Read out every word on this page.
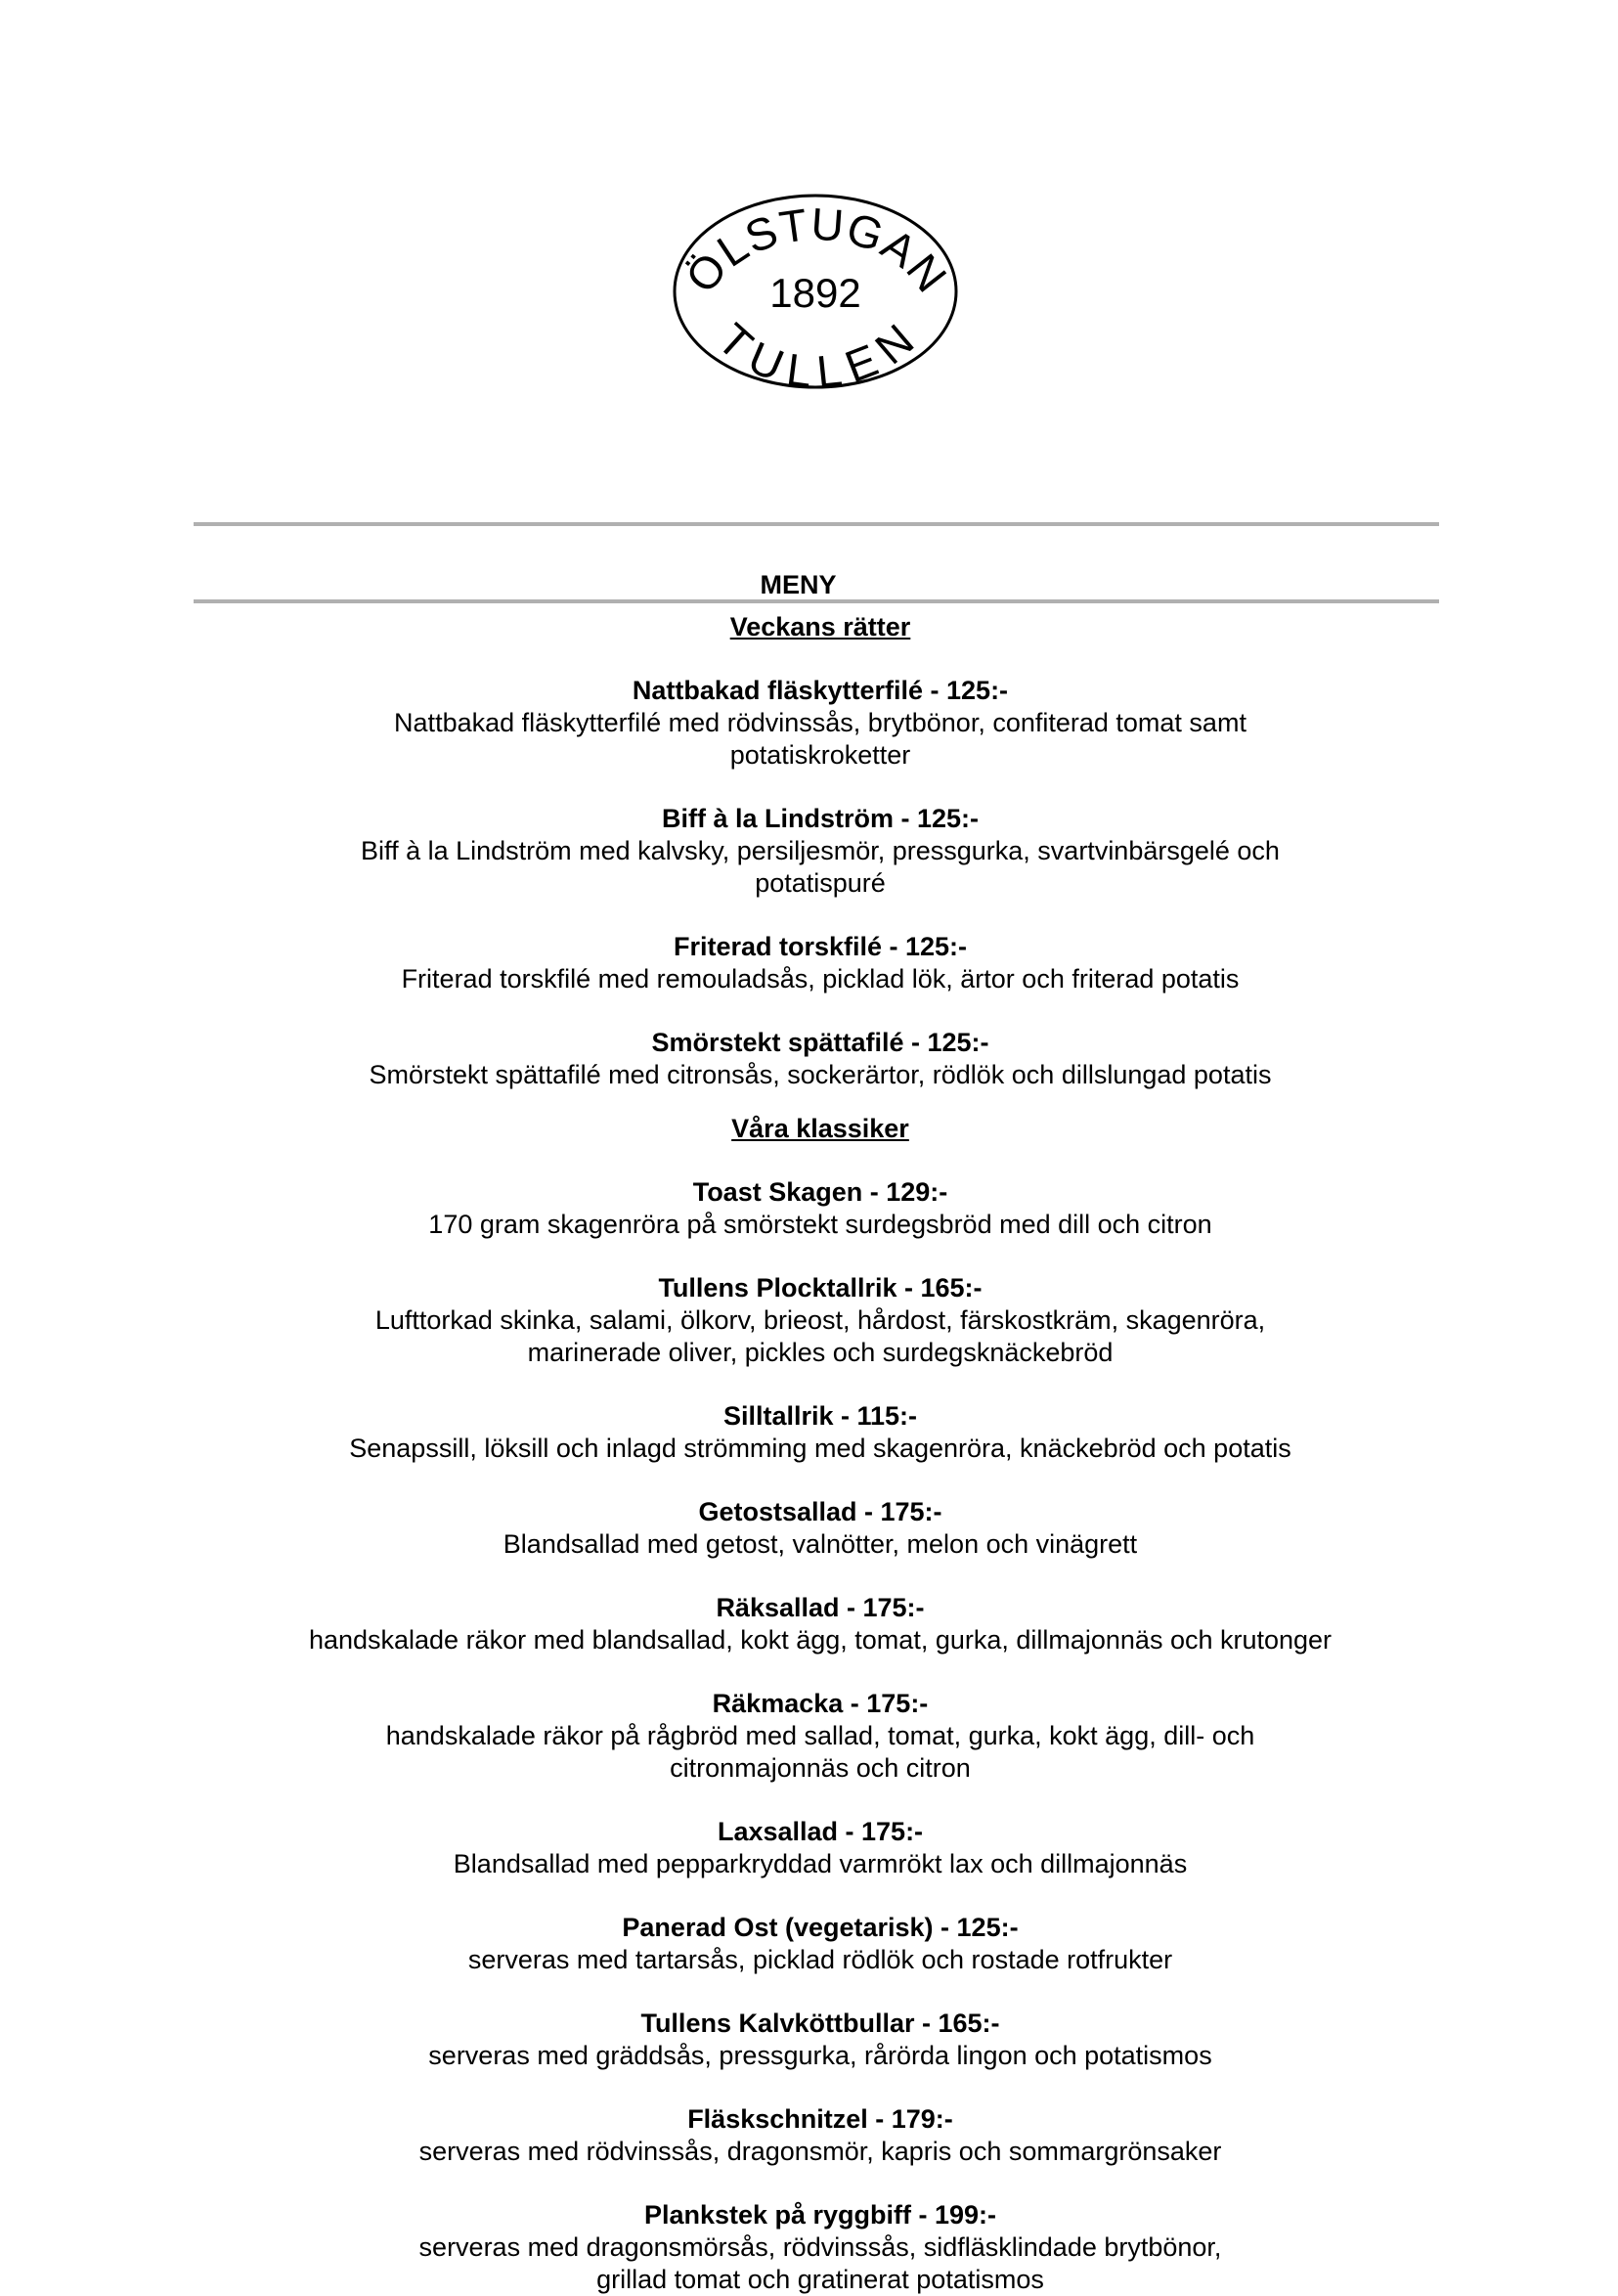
ÖLSTUGAN
1892
TULLEN
MENY
Veckans rätter
Nattbakad fläskytterfilé - 125:-
Nattbakad fläskytterfilé med rödvinssås, brytbönor, confiterad tomat samt
potatiskroketter
Biff à la Lindström - 125:-
Biff à la Lindström med kalvsky, persiljesmör, pressgurka, svartvinbärsgelé och
potatispuré
Friterad torskfilé - 125:-
Friterad torskfilé med remouladsås, picklad lök, ärtor och friterad potatis
Smörstekt spättafilé - 125:-
Smörstekt spättafilé med citronsås, sockerärtor, rödlök och dillslungad potatis
Våra klassiker
Toast Skagen - 129:-
170 gram skagenröra på smörstekt surdegsbröd med dill och citron
Tullens Plocktallrik - 165:-
Lufttorkad skinka, salami, ölkorv, brieost, hårdost, färskostkräm, skagenröra,
marinerade oliver, pickles och surdegsknäckebröd
Silltallrik - 115:-
Senapssill, löksill och inlagd strömming med skagenröra, knäckebröd och potatis
Getostsallad - 175:-
Blandsallad med getost, valnötter, melon och vinägrett
Räksallad - 175:-
handskalade räkor med blandsallad, kokt ägg, tomat, gurka, dillmajonnäs och krutonger
Räkmacka - 175:-
handskalade räkor på rågbröd med sallad, tomat, gurka, kokt ägg, dill- och
citronmajonnäs och citron
Laxsallad - 175:-
Blandsallad med pepparkryddad varmrökt lax och dillmajonnäs
Panerad Ost (vegetarisk) - 125:-
serveras med tartarsås, picklad rödlök och rostade rotfrukter
Tullens Kalvköttbullar - 165:-
serveras med gräddsås, pressgurka, rårörda lingon och potatismos
Fläskschnitzel - 179:-
serveras med rödvinssås, dragonsmör, kapris och sommargrönsaker
Plankstek på ryggbiff - 199:-
serveras med dragonsmörsås, rödvinssås, sidfläsklindade brytbönor,
grillad tomat och gratinerat potatismos
